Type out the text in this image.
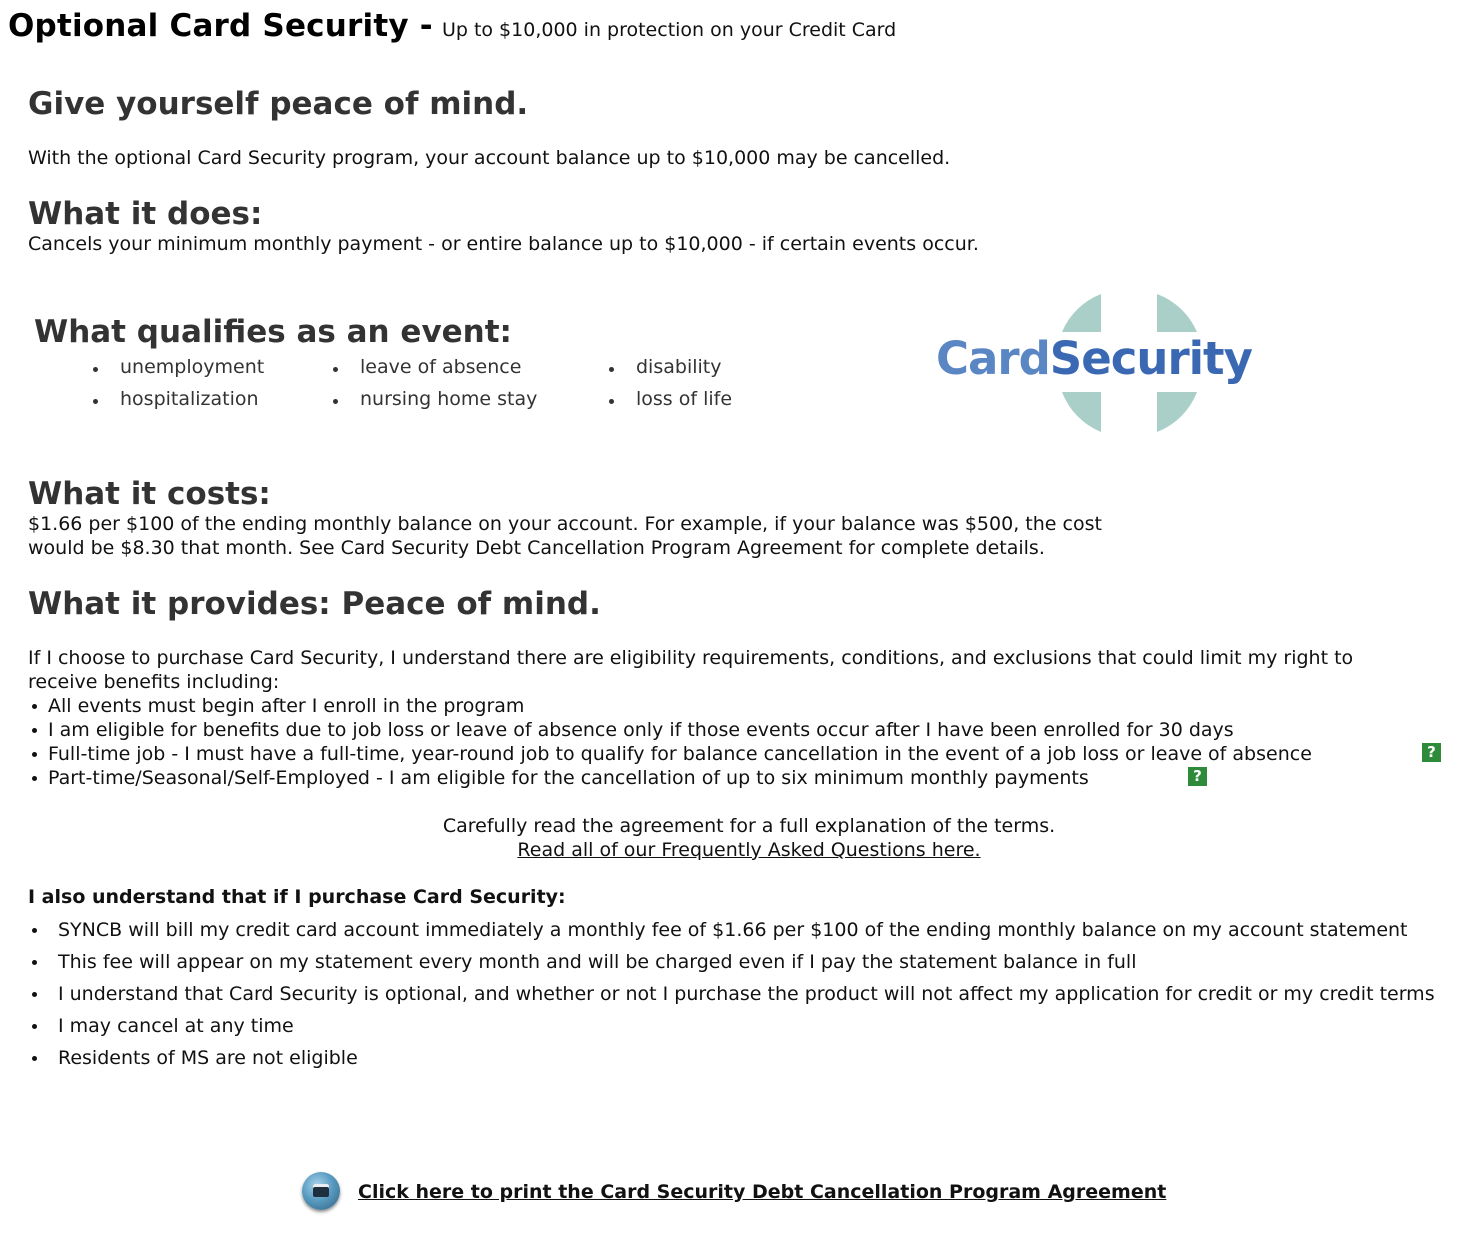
Optional Card Security - Up to $10,000 in protection on your Credit Card
Give yourself peace of mind.

With the optional Card Security program, your account balance up to $10,000 may be cancelled.

What it does:

Cancels your minimum monthly payment - or entire balance up to $10,000 - if certain events occur.

What qualifies as an event:
unemployment	leave of absence	disability
hospitalization	nursing home stay	loss of life
CardSecurity
What it costs:

$1.66 per $100 of the ending monthly balance on your account. For example, if your balance was $500, the cost

would be $8.30 that month. See Card Security Debt Cancellation Program Agreement for complete details.

What it provides: Peace of mind.

If I choose to purchase Card Security, I understand there are eligibility requirements, conditions, and exclusions that could limit my right to

receive benefits including:

All events must begin after I enroll in the program
I am eligible for benefits due to job loss or leave of absence only if those events occur after I have been enrolled for 30 days
Full-time job - I must have a full-time, year-round job to qualify for balance cancellation in the event of a job loss or leave of absence
Part-time/Seasonal/Self-Employed - I am eligible for the cancellation of up to six minimum monthly payments
?
?
Carefully read the agreement for a full explanation of the terms.
Read all of our Frequently Asked Questions here.
I also understand that if I purchase Card Security:
SYNCB will bill my credit card account immediately a monthly fee of $1.66 per $100 of the ending monthly balance on my account statement
This fee will appear on my statement every month and will be charged even if I pay the statement balance in full
I understand that Card Security is optional, and whether or not I purchase the product will not affect my application for credit or my credit terms
I may cancel at any time
Residents of MS are not eligible
Click here to print the Card Security Debt Cancellation Program Agreement
